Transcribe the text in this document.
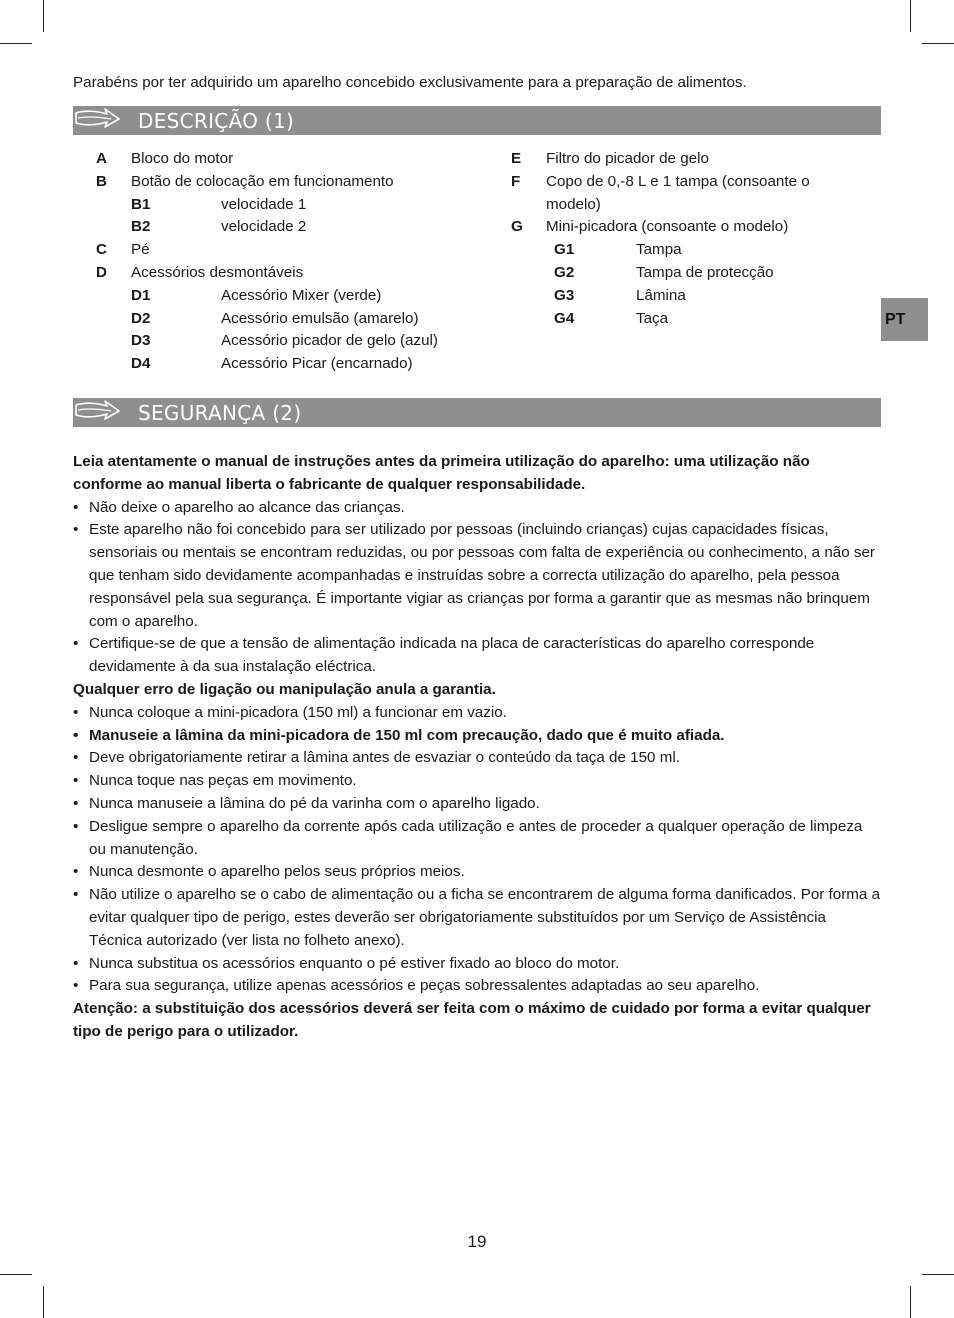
Parabéns por ter adquirido um aparelho concebido exclusivamente para a preparação de alimentos.
DESCRIÇÃO (1)
A	Bloco do motor
B	Botão de colocação em funcionamento
B1	velocidade 1
B2	velocidade 2
C	Pé
D	Acessórios desmontáveis
D1	Acessório Mixer (verde)
D2	Acessório emulsão (amarelo)
D3	Acessório picador de gelo (azul)
D4	Acessório Picar (encarnado)
E	Filtro do picador de gelo
F	Copo de 0,-8 L e 1 tampa (consoante o modelo)
G	Mini-picadora (consoante o modelo)
G1	Tampa
G2	Tampa de protecção
G3	Lâmina
G4	Taça	PT
SEGURANÇA (2)

Leia atentamente o manual de instruções antes da primeira utilização do aparelho: uma utilização não conforme ao manual liberta o fabricante de qualquer responsabilidade.

• Não deixe o aparelho ao alcance das crianças.
• Este aparelho não foi concebido para ser utilizado por pessoas (incluindo crianças) cujas capacidades físicas, sensoriais ou mentais se encontram reduzidas, ou por pessoas com falta de experiência ou conhecimento, a não ser que tenham sido devidamente acompanhadas e instruídas sobre a correcta utilização do aparelho, pela pessoa responsável pela sua segurança. É importante vigiar as crianças por forma a garantir que as mesmas não brinquem com o aparelho.
• Certifique-se de que a tensão de alimentação indicada na placa de características do aparelho corresponde devidamente à da sua instalação eléctrica.

Qualquer erro de ligação ou manipulação anula a garantia.

• Nunca coloque a mini-picadora (150 ml) a funcionar em vazio.
• Manuseie a lâmina da mini-picadora de 150 ml com precaução, dado que é muito afiada.
• Deve obrigatoriamente retirar a lâmina antes de esvaziar o conteúdo da taça de 150 ml.
• Nunca toque nas peças em movimento.
• Nunca manuseie a lâmina do pé da varinha com o aparelho ligado.
• Desligue sempre o aparelho da corrente após cada utilização e antes de proceder a qualquer operação de limpeza ou manutenção.
• Nunca desmonte o aparelho pelos seus próprios meios.
• Não utilize o aparelho se o cabo de alimentação ou a ficha se encontrarem de alguma forma danificados. Por forma a evitar qualquer tipo de perigo, estes deverão ser obrigatoriamente substituídos por um Serviço de Assistência Técnica autorizado (ver lista no folheto anexo).
• Nunca substitua os acessórios enquanto o pé estiver fixado ao bloco do motor.
• Para sua segurança, utilize apenas acessórios e peças sobressalentes adaptadas ao seu aparelho.

Atenção: a substituição dos acessórios deverá ser feita com o máximo de cuidado por forma a evitar qualquer tipo de perigo para o utilizador.

19
